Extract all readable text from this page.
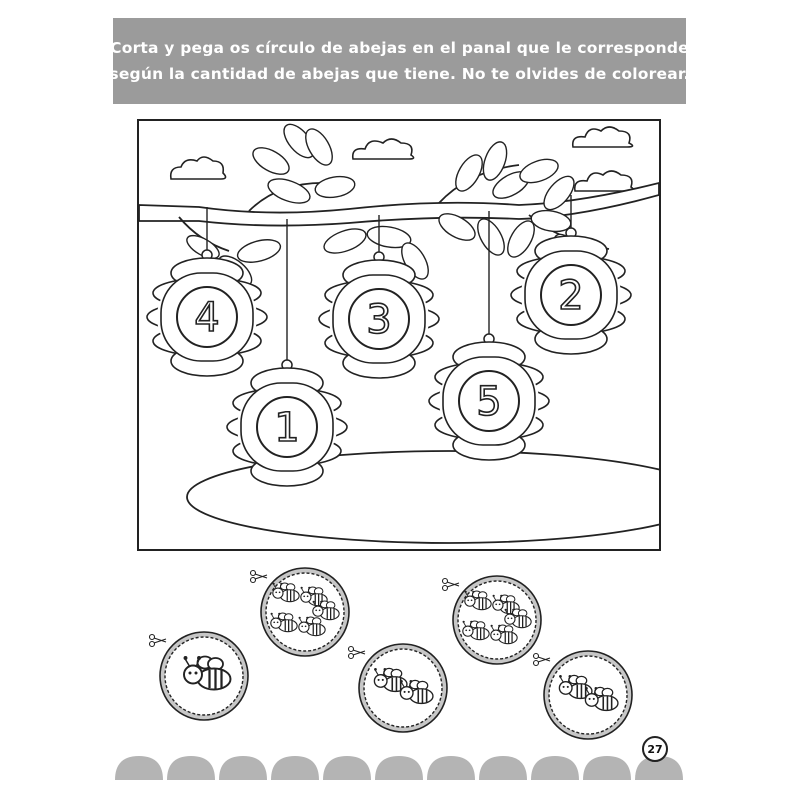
Corta y pega os círculo de abejas en el panal que le corresponde
según la cantidad de abejas que tiene. No te olvides de colorear.
4	3
2
1
5
27
